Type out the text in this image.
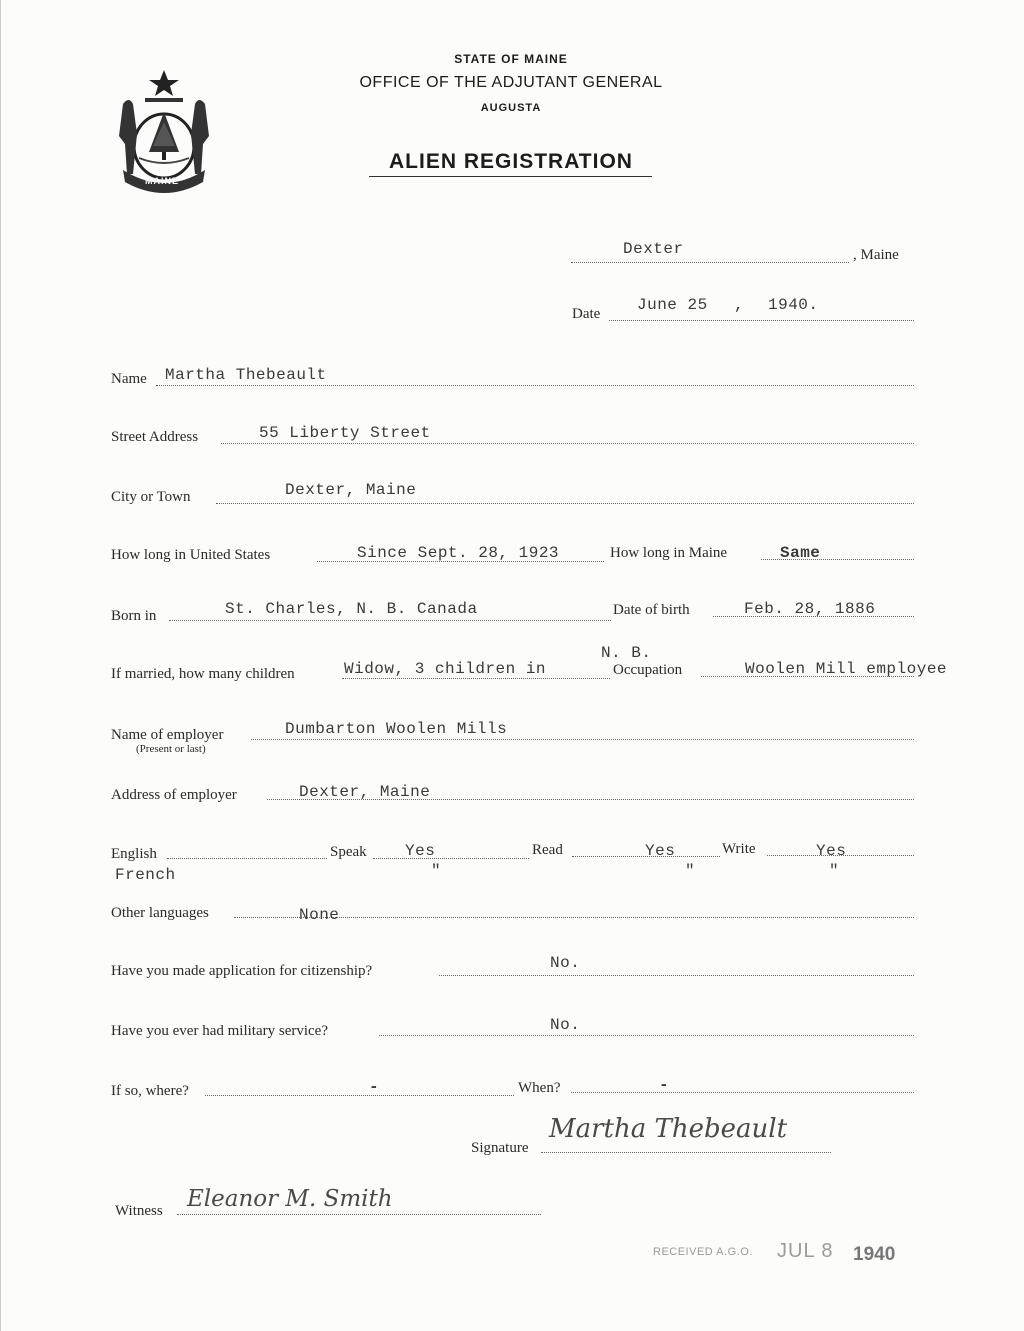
MAINE
STATE OF MAINE
OFFICE OF THE ADJUTANT GENERAL
AUGUSTA
ALIEN REGISTRATION
Dexter	, Maine
Date June 25 , 1940.
Name Martha Thebeault
Street Address	55 Liberty Street
City or Town	Dexter, Maine
How long in United States	Since Sept. 28, 1923	How long in Maine	Same
Born in	St. Charles, N. B. Canada	Date of birth	Feb. 28, 1886
If married, how many children	Widow, 3 children in
N. B.
Occupation	Woolen Mill employee
Name of employer
(Present or last)
Dumbarton Woolen Mills
Address of employer	Dexter, Maine
English	Speak Yes	Read	Yes	Write	Yes
French	"	"	"
Other languages	None
Have you made application for citizenship?	No.
Have you ever had military service?	No.
If so, where?	-	When?	-
Signature
Martha Thebeault
Witness Eleanor M. Smith
RECEIVED A.G.O. JUL 8 1940
